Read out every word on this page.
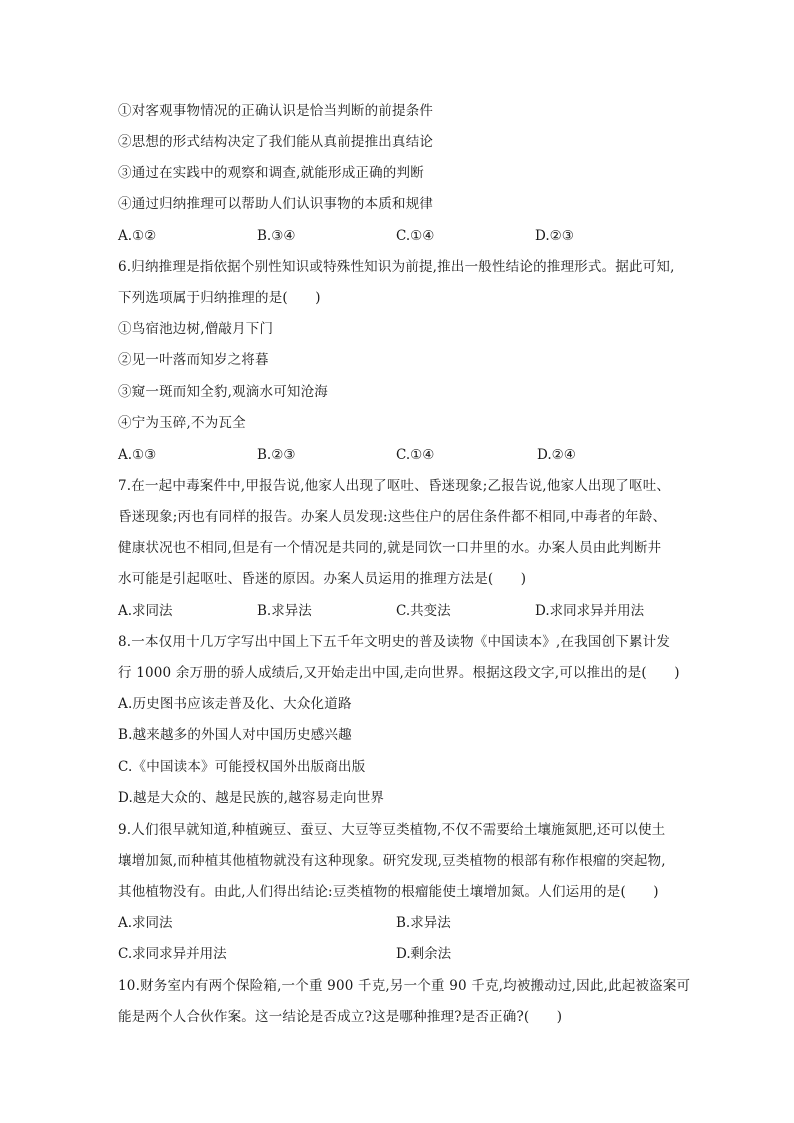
①对客观事物情况的正确认识是恰当判断的前提条件
②思想的形式结构决定了我们能从真前提推出真结论
③通过在实践中的观察和调查,就能形成正确的判断
④通过归纳推理可以帮助人们认识事物的本质和规律
A.①②	B.③④	C.①④	D.②③
6.归纳推理是指依据个别性知识或特殊性知识为前提,推出一般性结论的推理形式。据此可知,
下列选项属于归纳推理的是(　　)
①鸟宿池边树,僧敲月下门
②见一叶落而知岁之将暮
③窥一斑而知全豹,观滴水可知沧海
④宁为玉碎,不为瓦全
A.①③	B.②③	C.①④	D.②④
7.在一起中毒案件中,甲报告说,他家人出现了呕吐、昏迷现象;乙报告说,他家人出现了呕吐、
昏迷现象;丙也有同样的报告。办案人员发现:这些住户的居住条件都不相同,中毒者的年龄、
健康状况也不相同,但是有一个情况是共同的,就是同饮一口井里的水。办案人员由此判断井
水可能是引起呕吐、昏迷的原因。办案人员运用的推理方法是(　　)
A.求同法	B.求异法	C.共变法	D.求同求异并用法
8.一本仅用十几万字写出中国上下五千年文明史的普及读物《中国读本》,在我国创下累计发
行 1000 余万册的骄人成绩后,又开始走出中国,走向世界。根据这段文字,可以推出的是(　　)
A.历史图书应该走普及化、大众化道路
B.越来越多的外国人对中国历史感兴趣
C.《中国读本》可能授权国外出版商出版
D.越是大众的、越是民族的,越容易走向世界
9.人们很早就知道,种植豌豆、蚕豆、大豆等豆类植物,不仅不需要给土壤施氮肥,还可以使土
壤增加氮,而种植其他植物就没有这种现象。研究发现,豆类植物的根部有称作根瘤的突起物,
其他植物没有。由此,人们得出结论:豆类植物的根瘤能使土壤增加氮。人们运用的是(　　)
A.求同法	B.求异法
C.求同求异并用法	D.剩余法
10.财务室内有两个保险箱,一个重 900 千克,另一个重 90 千克,均被搬动过,因此,此起被盗案可
能是两个人合伙作案。这一结论是否成立?这是哪种推理?是否正确?(　　)
